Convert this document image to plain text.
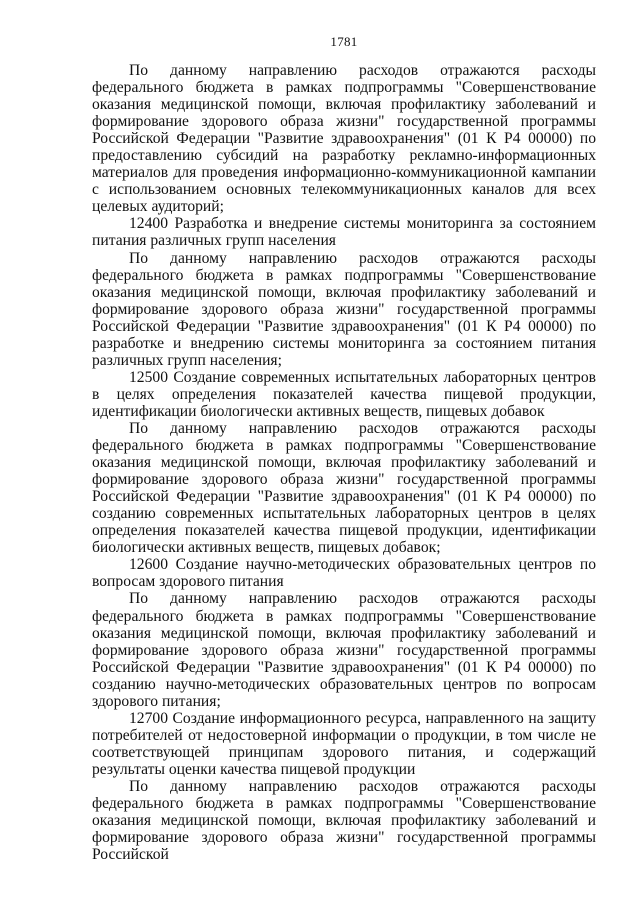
1781

По данному направлению расходов отражаются расходы федерального бюджета в рамках подпрограммы "Совершенствование оказания медицинской помощи, включая профилактику заболеваний и формирование здорового образа жизни" государственной программы Российской Федерации "Развитие здравоохранения" (01 К Р4 00000) по предоставлению субсидий на разработку рекламно-информационных материалов для проведения информационно-коммуникационной кампании с использованием основных телекоммуникационных каналов для всех целевых аудиторий;

12400 Разработка и внедрение системы мониторинга за состоянием питания различных групп населения

По данному направлению расходов отражаются расходы федерального бюджета в рамках подпрограммы "Совершенствование оказания медицинской помощи, включая профилактику заболеваний и формирование здорового образа жизни" государственной программы Российской Федерации "Развитие здравоохранения" (01 К Р4 00000) по разработке и внедрению системы мониторинга за состоянием питания различных групп населения;

12500 Создание современных испытательных лабораторных центров в целях определения показателей качества пищевой продукции, идентификации биологически активных веществ, пищевых добавок

По данному направлению расходов отражаются расходы федерального бюджета в рамках подпрограммы "Совершенствование оказания медицинской помощи, включая профилактику заболеваний и формирование здорового образа жизни" государственной программы Российской Федерации "Развитие здравоохранения" (01 К Р4 00000) по созданию современных испытательных лабораторных центров в целях определения показателей качества пищевой продукции, идентификации биологически активных веществ, пищевых добавок;

12600 Создание научно-методических образовательных центров по вопросам здорового питания

По данному направлению расходов отражаются расходы федерального бюджета в рамках подпрограммы "Совершенствование оказания медицинской помощи, включая профилактику заболеваний и формирование здорового образа жизни" государственной программы Российской Федерации "Развитие здравоохранения" (01 К Р4 00000) по созданию научно-методических образовательных центров по вопросам здорового питания;

12700 Создание информационного ресурса, направленного на защиту потребителей от недостоверной информации о продукции, в том числе не соответствующей принципам здорового питания, и содержащий результаты оценки качества пищевой продукции

По данному направлению расходов отражаются расходы федерального бюджета в рамках подпрограммы "Совершенствование оказания медицинской помощи, включая профилактику заболеваний и формирование здорового образа жизни" государственной программы Российской
